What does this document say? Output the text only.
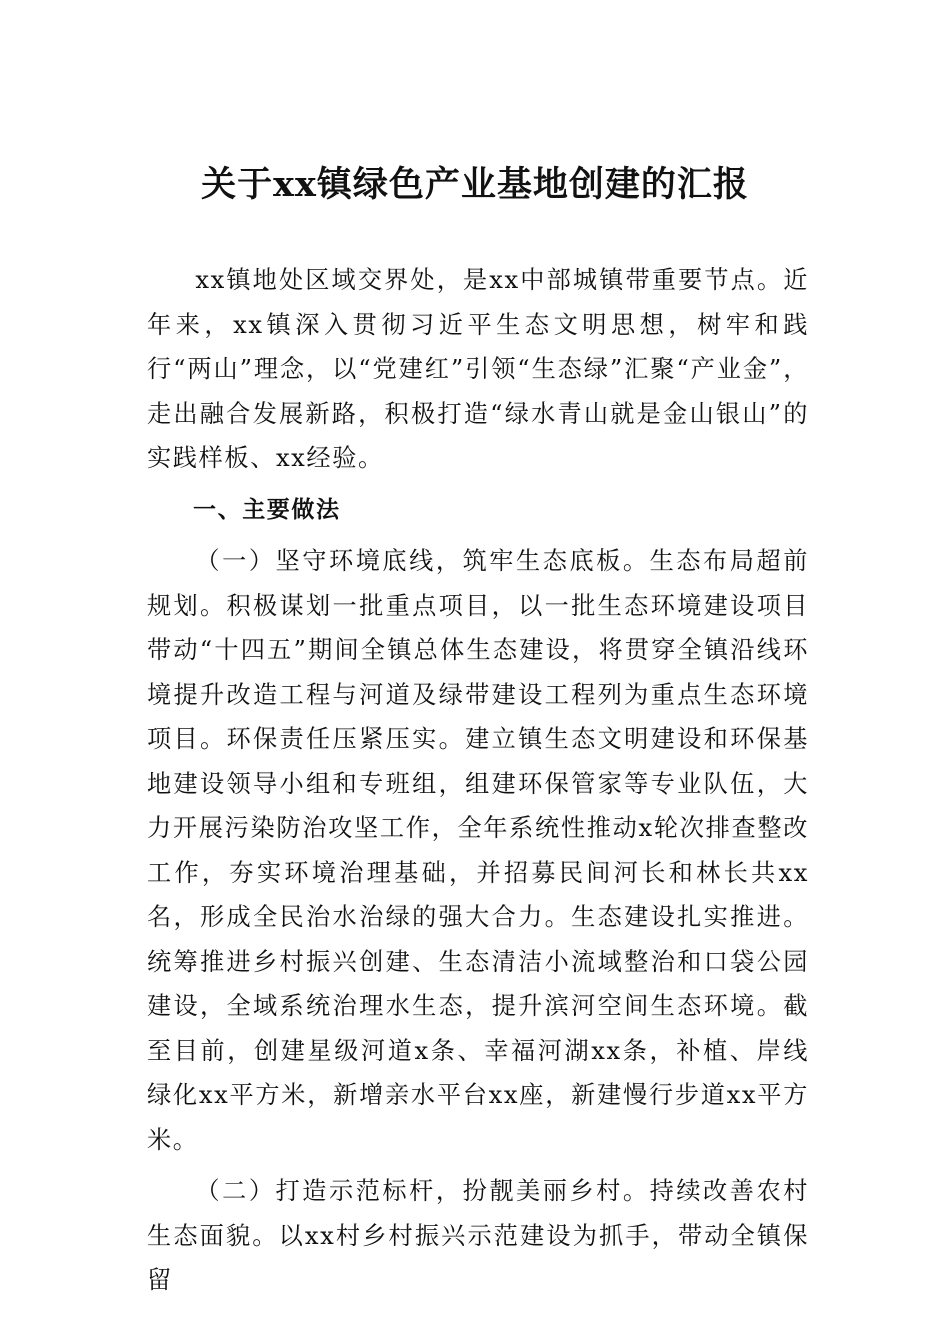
关于xx镇绿色产业基地创建的汇报

xx镇地处区域交界处，是xx中部城镇带重要节点。近年来，xx镇深入贯彻习近平生态文明思想，树牢和践行“两山”理念，以“党建红”引领“生态绿”汇聚“产业金”，走出融合发展新路，积极打造“绿水青山就是金山银山”的实践样板、xx经验。

一、主要做法

（一）坚守环境底线，筑牢生态底板。生态布局超前规划。积极谋划一批重点项目，以一批生态环境建设项目带动“十四五”期间全镇总体生态建设，将贯穿全镇沿线环境提升改造工程与河道及绿带建设工程列为重点生态环境项目。环保责任压紧压实。建立镇生态文明建设和环保基地建设领导小组和专班组，组建环保管家等专业队伍，大力开展污染防治攻坚工作，全年系统性推动x轮次排查整改工作，夯实环境治理基础，并招募民间河长和林长共xx名，形成全民治水治绿的强大合力。生态建设扎实推进。统筹推进乡村振兴创建、生态清洁小流域整治和口袋公园建设，全域系统治理水生态，提升滨河空间生态环境。截至目前，创建星级河道x条、幸福河湖xx条，补植、岸线绿化xx平方米，新增亲水平台xx座，新建慢行步道xx平方米。

（二）打造示范标杆，扮靓美丽乡村。持续改善农村生态面貌。以xx村乡村振兴示范建设为抓手，带动全镇保留
